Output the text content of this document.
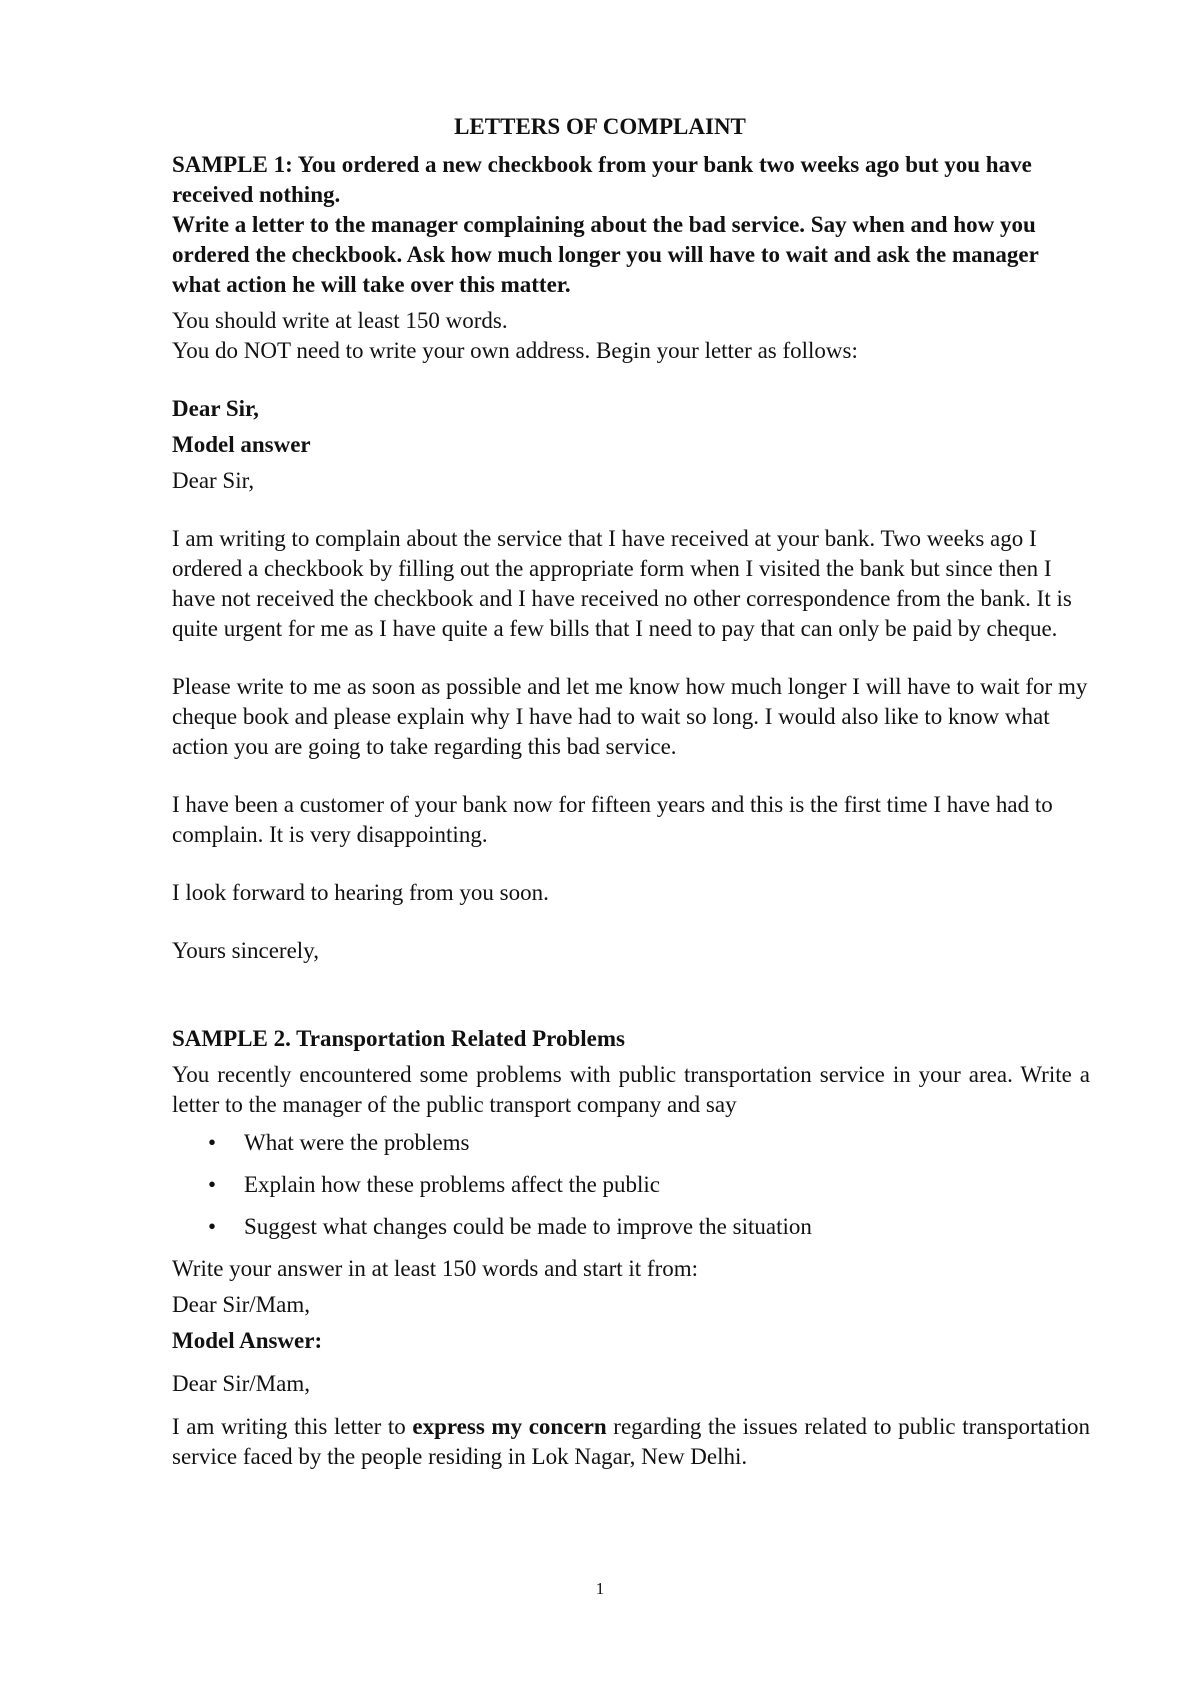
LETTERS OF COMPLAINT

SAMPLE 1: You ordered a new checkbook from your bank two weeks ago but you have received nothing.

Write a letter to the manager complaining about the bad service. Say when and how you ordered the checkbook. Ask how much longer you will have to wait and ask the manager what action he will take over this matter.

You should write at least 150 words.

You do NOT need to write your own address. Begin your letter as follows:

Dear Sir,

Model answer

Dear Sir,

I am writing to complain about the service that I have received at your bank. Two weeks ago I ordered a checkbook by filling out the appropriate form when I visited the bank but since then I have not received the checkbook and I have received no other correspondence from the bank. It is quite urgent for me as I have quite a few bills that I need to pay that can only be paid by cheque.

Please write to me as soon as possible and let me know how much longer I will have to wait for my cheque book and please explain why I have had to wait so long. I would also like to know what action you are going to take regarding this bad service.

I have been a customer of your bank now for fifteen years and this is the first time I have had to complain. It is very disappointing.

I look forward to hearing from you soon.

Yours sincerely,

SAMPLE 2. Transportation Related Problems

You recently encountered some problems with public transportation service in your area. Write a letter to the manager of the public transport company and say

• What were the problems
• Explain how these problems affect the public
• Suggest what changes could be made to improve the situation

Write your answer in at least 150 words and start it from:

Dear Sir/Mam,

Model Answer:

Dear Sir/Mam,

I am writing this letter to express my concern regarding the issues related to public transportation service faced by the people residing in Lok Nagar, New Delhi.

1
